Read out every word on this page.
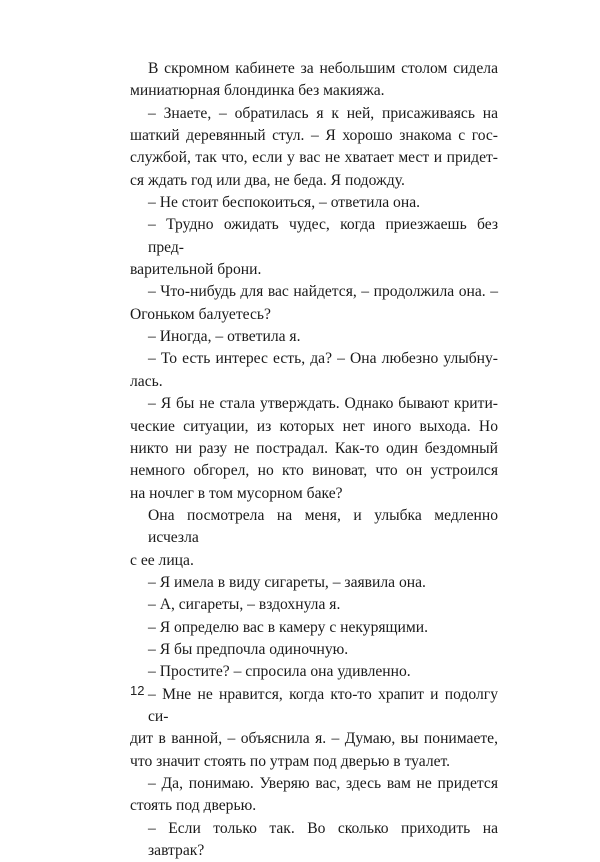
В скромном кабинете за небольшим столом сидела
миниатюрная блондинка без макияжа.
– Знаете, – обратилась я к ней, присаживаясь на
шаткий деревянный стул. – Я хорошо знакома с гос-
службой, так что, если у вас не хватает мест и придет-
ся ждать год или два, не беда. Я подожду.
– Не стоит беспокоиться, – ответила она.
– Трудно ожидать чудес, когда приезжаешь без пред-
варительной брони.
– Что-нибудь для вас найдется, – продолжила она. –
Огоньком балуетесь?
– Иногда, – ответила я.
– То есть интерес есть, да? – Она любезно улыбну-
лась.
– Я бы не стала утверждать. Однако бывают крити-
ческие ситуации, из которых нет иного выхода. Но
никто ни разу не пострадал. Как-то один бездомный
немного обгорел, но кто виноват, что он устроился
на ночлег в том мусорном баке?
Она посмотрела на меня, и улыбка медленно исчезла
с ее лица.
– Я имела в виду сигареты, – заявила она.
– А, сигареты, – вздохнула я.
– Я определю вас в камеру с некурящими.
– Я бы предпочла одиночную.
– Простите? – спросила она удивленно.
– Мне не нравится, когда кто-то храпит и подолгу си-
дит в ванной, – объяснила я. – Думаю, вы понимаете,
что значит стоять по утрам под дверью в туалет.
– Да, понимаю. Уверяю вас, здесь вам не придется
стоять под дверью.
– Если только так. Во сколько приходить на завтрак?
12
